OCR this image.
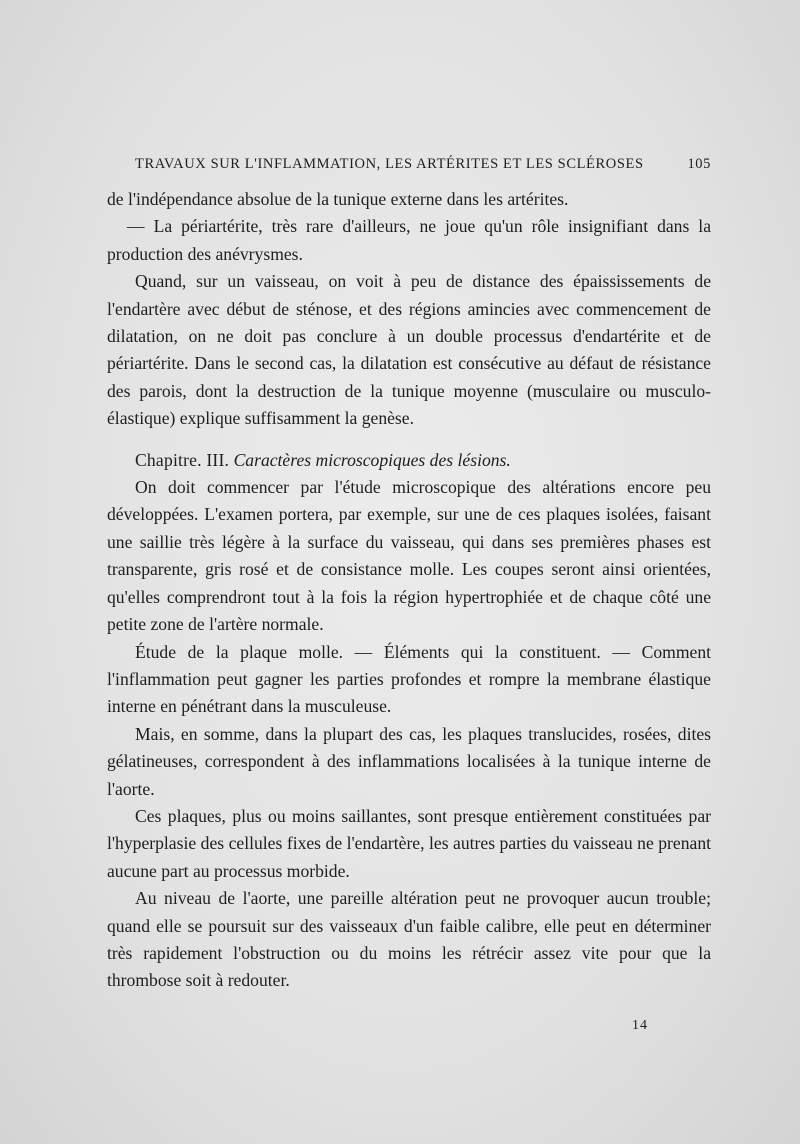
TRAVAUX SUR L'INFLAMMATION, LES ARTÉRITES ET LES SCLÉROSES	105

de l'indépendance absolue de la tunique externe dans les artérites.

— La périartérite, très rare d'ailleurs, ne joue qu'un rôle insignifiant dans la production des anévrysmes.

Quand, sur un vaisseau, on voit à peu de distance des épaississements de l'endartère avec début de sténose, et des régions amincies avec commencement de dilatation, on ne doit pas conclure à un double processus d'endartérite et de périartérite. Dans le second cas, la dilatation est consécutive au défaut de résistance des parois, dont la destruction de la tunique moyenne (musculaire ou musculo-élastique) explique suffisamment la genèse.

Chapitre. III. Caractères microscopiques des lésions.

On doit commencer par l'étude microscopique des altérations encore peu développées. L'examen portera, par exemple, sur une de ces plaques isolées, faisant une saillie très légère à la surface du vaisseau, qui dans ses premières phases est transparente, gris rosé et de consistance molle. Les coupes seront ainsi orientées, qu'elles comprendront tout à la fois la région hypertrophiée et de chaque côté une petite zone de l'artère normale.

Étude de la plaque molle. — Éléments qui la constituent. — Comment l'inflammation peut gagner les parties profondes et rompre la membrane élastique interne en pénétrant dans la musculeuse.

Mais, en somme, dans la plupart des cas, les plaques translucides, rosées, dites gélatineuses, correspondent à des inflammations localisées à la tunique interne de l'aorte.

Ces plaques, plus ou moins saillantes, sont presque entièrement constituées par l'hyperplasie des cellules fixes de l'endartère, les autres parties du vaisseau ne prenant aucune part au processus morbide.

Au niveau de l'aorte, une pareille altération peut ne provoquer aucun trouble; quand elle se poursuit sur des vaisseaux d'un faible calibre, elle peut en déterminer très rapidement l'obstruction ou du moins les rétrécir assez vite pour que la thrombose soit à redouter.

14
